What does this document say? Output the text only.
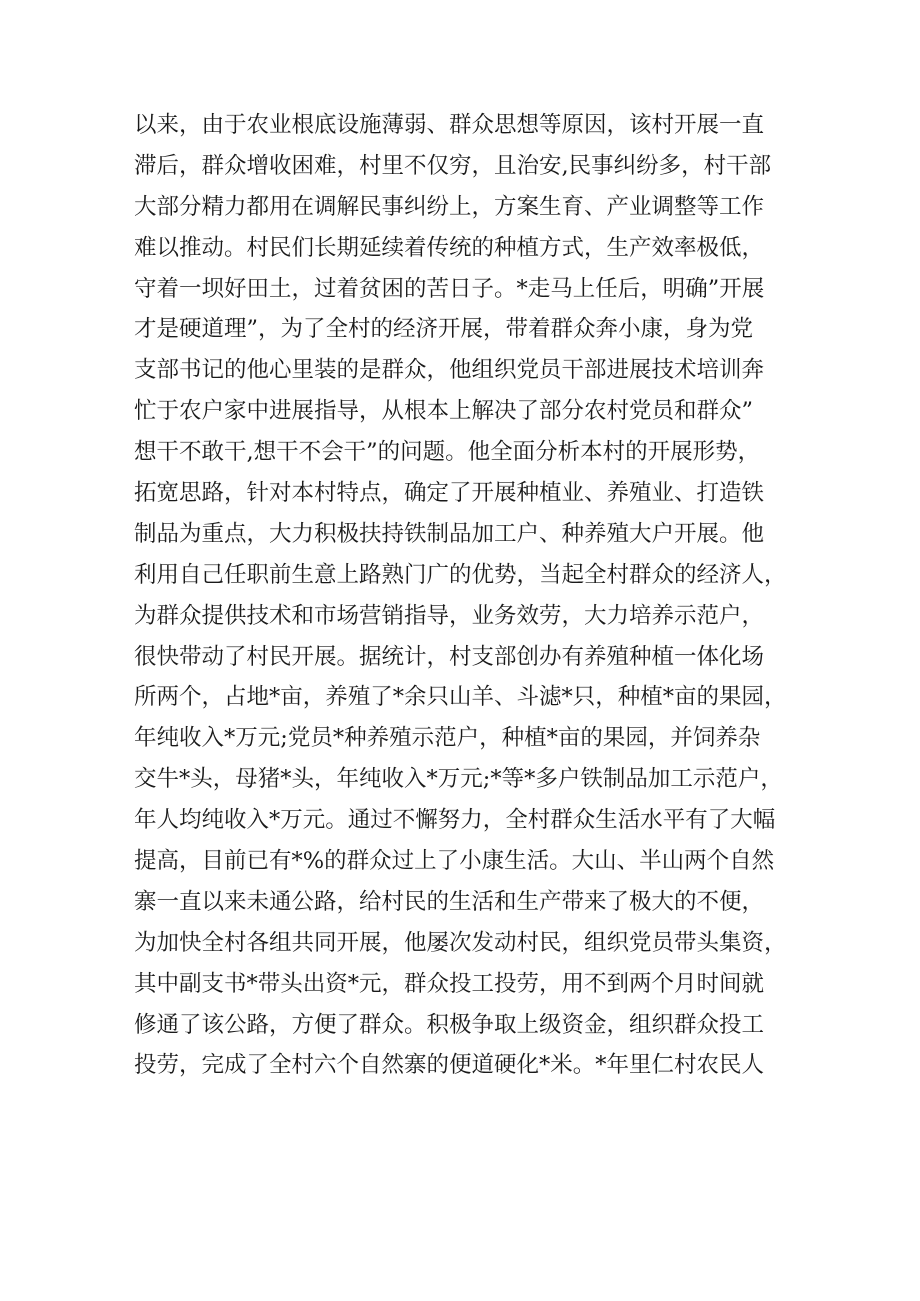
以来，由于农业根底设施薄弱、群众思想等原因，该村开展一直
滞后，群众增收困难，村里不仅穷，且治安,民事纠纷多，村干部
大部分精力都用在调解民事纠纷上，方案生育、产业调整等工作
难以推动。村民们长期延续着传统的种植方式，生产效率极低，
守着一坝好田土，过着贫困的苦日子。*走马上任后，明确”开展
才是硬道理”，为了全村的经济开展，带着群众奔小康，身为党
支部书记的他心里装的是群众，他组织党员干部进展技术培训奔
忙于农户家中进展指导，从根本上解决了部分农村党员和群众”
想干不敢干,想干不会干”的问题。他全面分析本村的开展形势，
拓宽思路，针对本村特点，确定了开展种植业、养殖业、打造铁
制品为重点，大力积极扶持铁制品加工户、种养殖大户开展。他
利用自己任职前生意上路熟门广的优势，当起全村群众的经济人，
为群众提供技术和市场营销指导，业务效劳，大力培养示范户，
很快带动了村民开展。据统计，村支部创办有养殖种植一体化场
所两个，占地*亩，养殖了*余只山羊、斗滤*只，种植*亩的果园，
年纯收入*万元;党员*种养殖示范户，种植*亩的果园，并饲养杂
交牛*头，母猪*头，年纯收入*万元;*等*多户铁制品加工示范户，
年人均纯收入*万元。通过不懈努力，全村群众生活水平有了大幅
提高，目前已有*%的群众过上了小康生活。大山、半山两个自然
寨一直以来未通公路，给村民的生活和生产带来了极大的不便，
为加快全村各组共同开展，他屡次发动村民，组织党员带头集资，
其中副支书*带头出资*元，群众投工投劳，用不到两个月时间就
修通了该公路，方便了群众。积极争取上级资金，组织群众投工
投劳，完成了全村六个自然寨的便道硬化*米。*年里仁村农民人
